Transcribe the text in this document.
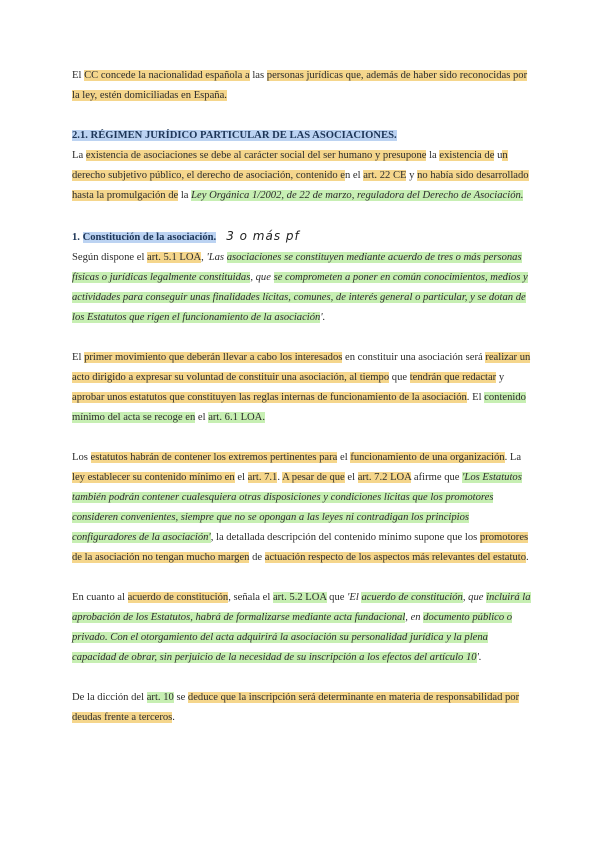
El CC concede la nacionalidad española a las personas jurídicas que, además de haber sido reconocidas por la ley, estén domiciliadas en España.

2.1. RÉGIMEN JURÍDICO PARTICULAR DE LAS ASOCIACIONES.

La existencia de asociaciones se debe al carácter social del ser humano y presupone la existencia de un derecho subjetivo público, el derecho de asociación, contenido en el art. 22 CE y no había sido desarrollado hasta la promulgación de la Ley Orgánica 1/2002, de 22 de marzo, reguladora del Derecho de Asociación.

1. Constitución de la asociación. 3 o más pf

Según dispone el art. 5.1 LOA, 'Las asociaciones se constituyen mediante acuerdo de tres o más personas físicas o jurídicas legalmente constituidas, que se comprometen a poner en común conocimientos, medios y actividades para conseguir unas finalidades lícitas, comunes, de interés general o particular, y se dotan de los Estatutos que rigen el funcionamiento de la asociación'.

El primer movimiento que deberán llevar a cabo los interesados en constituir una asociación será realizar un acto dirigido a expresar su voluntad de constituir una asociación, al tiempo que tendrán que redactar y aprobar unos estatutos que constituyen las reglas internas de funcionamiento de la asociación. El contenido mínimo del acta se recoge en el art. 6.1 LOA.

Los estatutos habrán de contener los extremos pertinentes para el funcionamiento de una organización. La ley establecer su contenido mínimo en el art. 7.1. A pesar de que el art. 7.2 LOA afirme que 'Los Estatutos también podrán contener cualesquiera otras disposiciones y condiciones lícitas que los promotores consideren convenientes, siempre que no se opongan a las leyes ni contradigan los principios configuradores de la asociación', la detallada descripción del contenido mínimo supone que los promotores de la asociación no tengan mucho margen de actuación respecto de los aspectos más relevantes del estatuto.

En cuanto al acuerdo de constitución, señala el art. 5.2 LOA que 'El acuerdo de constitución, que incluirá la aprobación de los Estatutos, habrá de formalizarse mediante acta fundacional, en documento público o privado. Con el otorgamiento del acta adquirirá la asociación su personalidad jurídica y la plena capacidad de obrar, sin perjuicio de la necesidad de su inscripción a los efectos del artículo 10'.

De la dicción del art. 10 se deduce que la inscripción será determinante en materia de responsabilidad por deudas frente a terceros.
